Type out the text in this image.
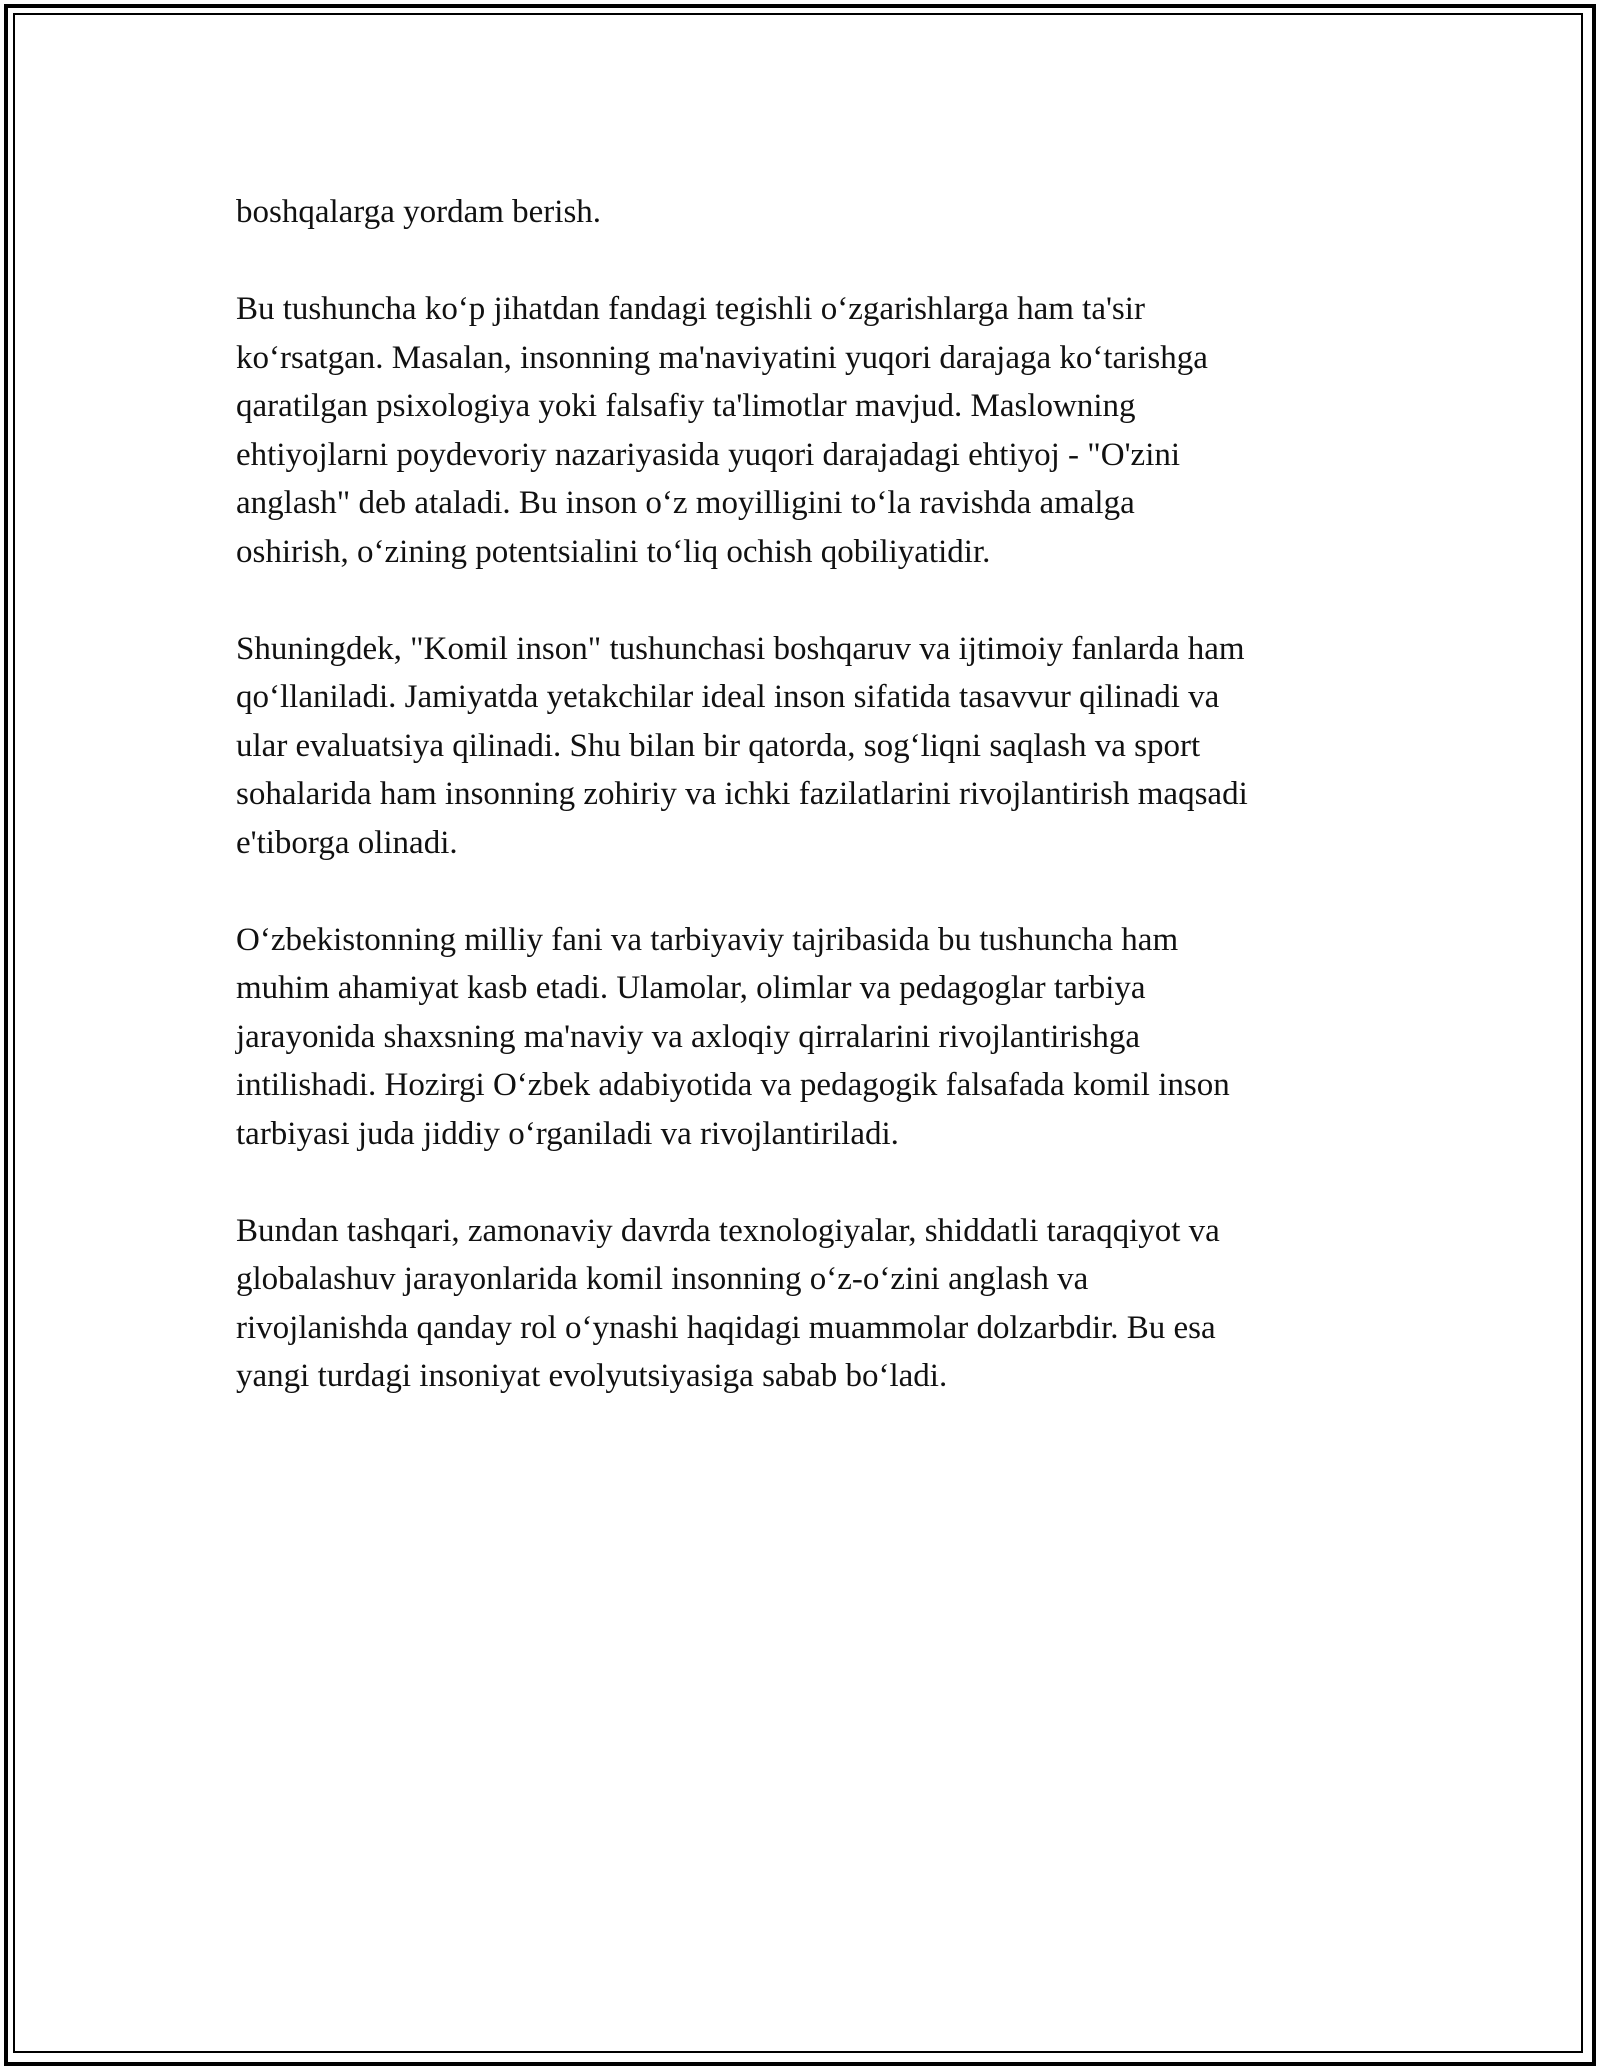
boshqalarga yordam berish.

Bu tushuncha koʻp jihatdan fandagi tegishli oʻzgarishlarga ham ta'sir
koʻrsatgan. Masalan, insonning ma'naviyatini yuqori darajaga koʻtarishga
qaratilgan psixologiya yoki falsafiy ta'limotlar mavjud. Maslowning
ehtiyojlarni poydevoriy nazariyasida yuqori darajadagi ehtiyoj - "O'zini
anglash" deb ataladi. Bu inson oʻz moyilligini toʻla ravishda amalga
oshirish, oʻzining potentsialini toʻliq ochish qobiliyatidir.

Shuningdek, "Komil inson" tushunchasi boshqaruv va ijtimoiy fanlarda ham
qoʻllaniladi. Jamiyatda yetakchilar ideal inson sifatida tasavvur qilinadi va
ular evaluatsiya qilinadi. Shu bilan bir qatorda, sogʻliqni saqlash va sport
sohalarida ham insonning zohiriy va ichki fazilatlarini rivojlantirish maqsadi
e'tiborga olinadi.

Oʻzbekistonning milliy fani va tarbiyaviy tajribasida bu tushuncha ham
muhim ahamiyat kasb etadi. Ulamolar, olimlar va pedagoglar tarbiya
jarayonida shaxsning ma'naviy va axloqiy qirralarini rivojlantirishga
intilishadi. Hozirgi Oʻzbek adabiyotida va pedagogik falsafada komil inson
tarbiyasi juda jiddiy oʻrganiladi va rivojlantiriladi.

Bundan tashqari, zamonaviy davrda texnologiyalar, shiddatli taraqqiyot va
globalashuv jarayonlarida komil insonning oʻz-oʻzini anglash va
rivojlanishda qanday rol oʻynashi haqidagi muammolar dolzarbdir. Bu esa
yangi turdagi insoniyat evolyutsiyasiga sabab boʻladi.
